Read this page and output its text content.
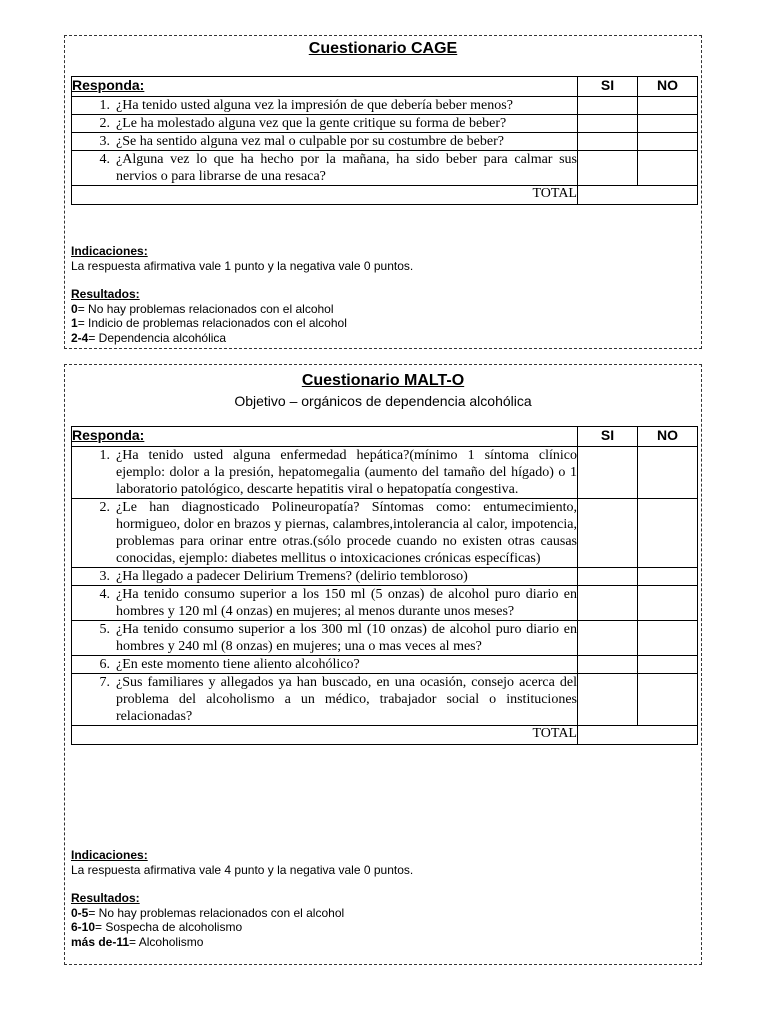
Cuestionario CAGE
Responda:	SI	NO

1. ¿Ha tenido usted alguna vez la impresión de que debería beber menos?		

2. ¿Le ha molestado alguna vez que la gente critique su forma de beber?		

3. ¿Se ha sentido alguna vez mal o culpable por su costumbre de beber?		

4. ¿Alguna vez lo que ha hecho por la mañana, ha sido beber para calmar sus nervios o para librarse de una resaca?		

TOTAL		
Indicaciones:
La respuesta afirmativa vale 1 punto y la negativa vale 0 puntos.
Resultados:
0= No hay problemas relacionados con el alcohol
1= Indicio de problemas relacionados con el alcohol
2-4= Dependencia alcohólica
Cuestionario MALT-O
Objetivo – orgánicos de dependencia alcohólica
Responda:	SI	NO

1. ¿Ha tenido usted alguna enfermedad hepática?(mínimo 1 síntoma clínico ejemplo: dolor a la presión, hepatomegalia (aumento del tamaño del hígado) o 1 laboratorio patológico, descarte hepatitis viral o hepatopatía congestiva.		

2. ¿Le han diagnosticado Polineuropatía? Síntomas como: entumecimiento, hormigueo, dolor en brazos y piernas, calambres,intolerancia al calor, impotencia, problemas para orinar entre otras.(sólo procede cuando no existen otras causas conocidas, ejemplo: diabetes mellitus o intoxicaciones crónicas específicas)		

3. ¿Ha llegado a padecer Delirium Tremens? (delirio tembloroso)		

4. ¿Ha tenido consumo superior a los 150 ml (5 onzas) de alcohol puro diario en hombres y 120 ml (4 onzas) en mujeres; al menos durante unos meses?		

5. ¿Ha tenido consumo superior a los 300 ml (10 onzas) de alcohol puro diario en hombres y 240 ml (8 onzas) en mujeres; una o mas veces al mes?		

6. ¿En este momento tiene aliento alcohólico?		

7. ¿Sus familiares y allegados ya han buscado, en una ocasión, consejo acerca del problema del alcoholismo a un médico, trabajador social o instituciones relacionadas?		

TOTAL		
Indicaciones:
La respuesta afirmativa vale 4 punto y la negativa vale 0 puntos.
Resultados:
0-5= No hay problemas relacionados con el alcohol
6-10= Sospecha de alcoholismo
más de-11= Alcoholismo
